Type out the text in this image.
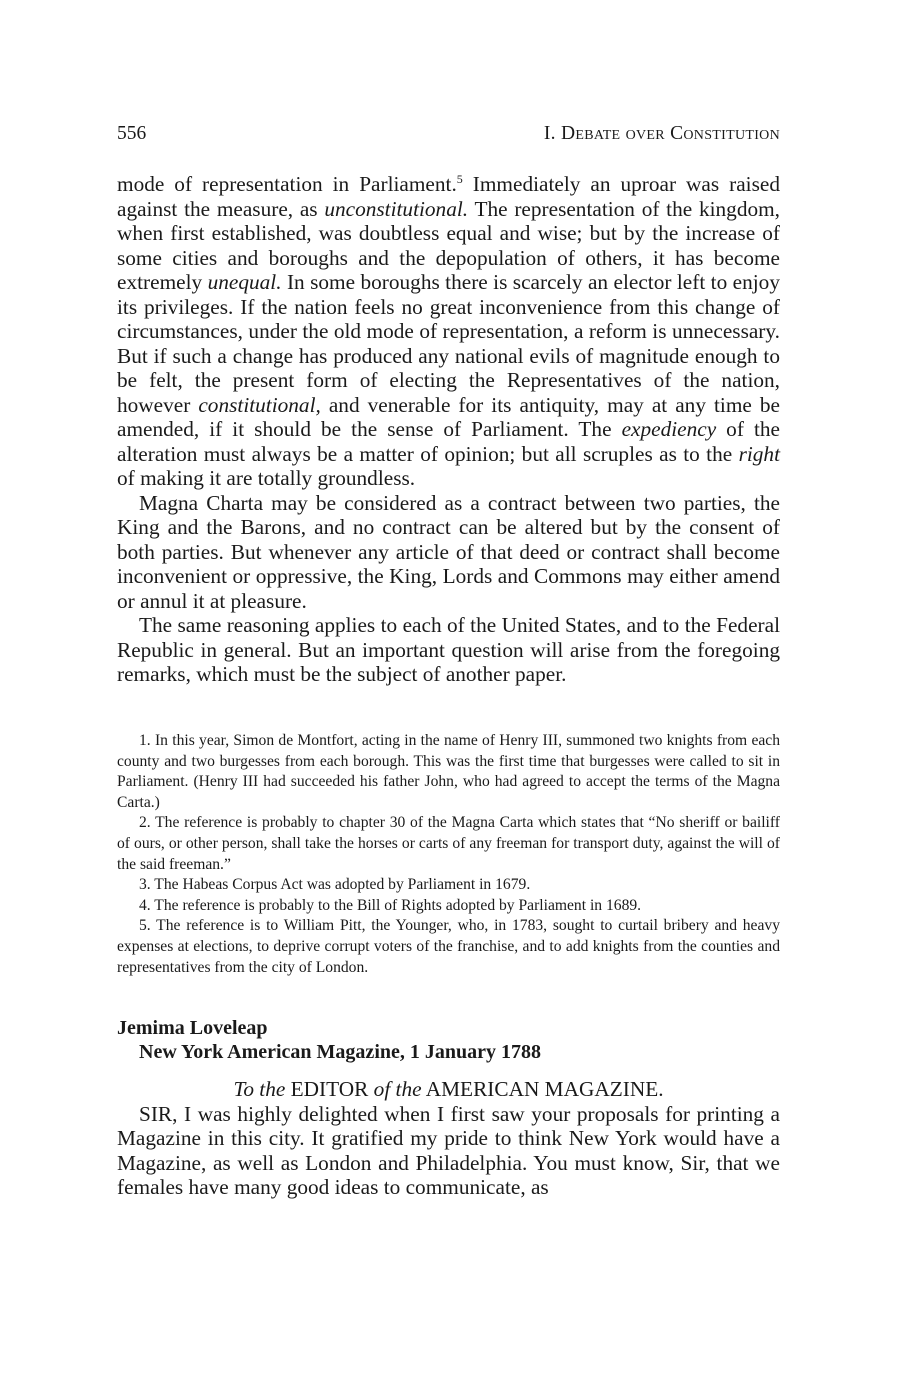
556	I. Debate over Constitution

mode of representation in Parliament.$^5$ Immediately an uproar was raised against the measure, as unconstitutional. The representation of the kingdom, when first established, was doubtless equal and wise; but by the increase of some cities and boroughs and the depopulation of others, it has become extremely unequal. In some boroughs there is scarcely an elector left to enjoy its privileges. If the nation feels no great inconvenience from this change of circumstances, under the old mode of representation, a reform is unnecessary. But if such a change has produced any national evils of magnitude enough to be felt, the present form of electing the Representatives of the nation, however constitutional, and venerable for its antiquity, may at any time be amended, if it should be the sense of Parliament. The expediency of the alteration must always be a matter of opinion; but all scruples as to the right of making it are totally groundless.

Magna Charta may be considered as a contract between two parties, the King and the Barons, and no contract can be altered but by the consent of both parties. But whenever any article of that deed or contract shall become inconvenient or oppressive, the King, Lords and Commons may either amend or annul it at pleasure.

The same reasoning applies to each of the United States, and to the Federal Republic in general. But an important question will arise from the foregoing remarks, which must be the subject of another paper.

1. In this year, Simon de Montfort, acting in the name of Henry III, summoned two knights from each county and two burgesses from each borough. This was the first time that burgesses were called to sit in Parliament. (Henry III had succeeded his father John, who had agreed to accept the terms of the Magna Carta.)

2. The reference is probably to chapter 30 of the Magna Carta which states that “No sheriff or bailiff of ours, or other person, shall take the horses or carts of any freeman for transport duty, against the will of the said freeman.”

3. The Habeas Corpus Act was adopted by Parliament in 1679.

4. The reference is probably to the Bill of Rights adopted by Parliament in 1689.

5. The reference is to William Pitt, the Younger, who, in 1783, sought to curtail bribery and heavy expenses at elections, to deprive corrupt voters of the franchise, and to add knights from the counties and representatives from the city of London.

Jemima Loveleap
New York American Magazine, 1 January 1788

To the EDITOR of the AMERICAN MAGAZINE.

SIR, I was highly delighted when I first saw your proposals for printing a Magazine in this city. It gratified my pride to think New York would have a Magazine, as well as London and Philadelphia. You must know, Sir, that we females have many good ideas to communicate, as
